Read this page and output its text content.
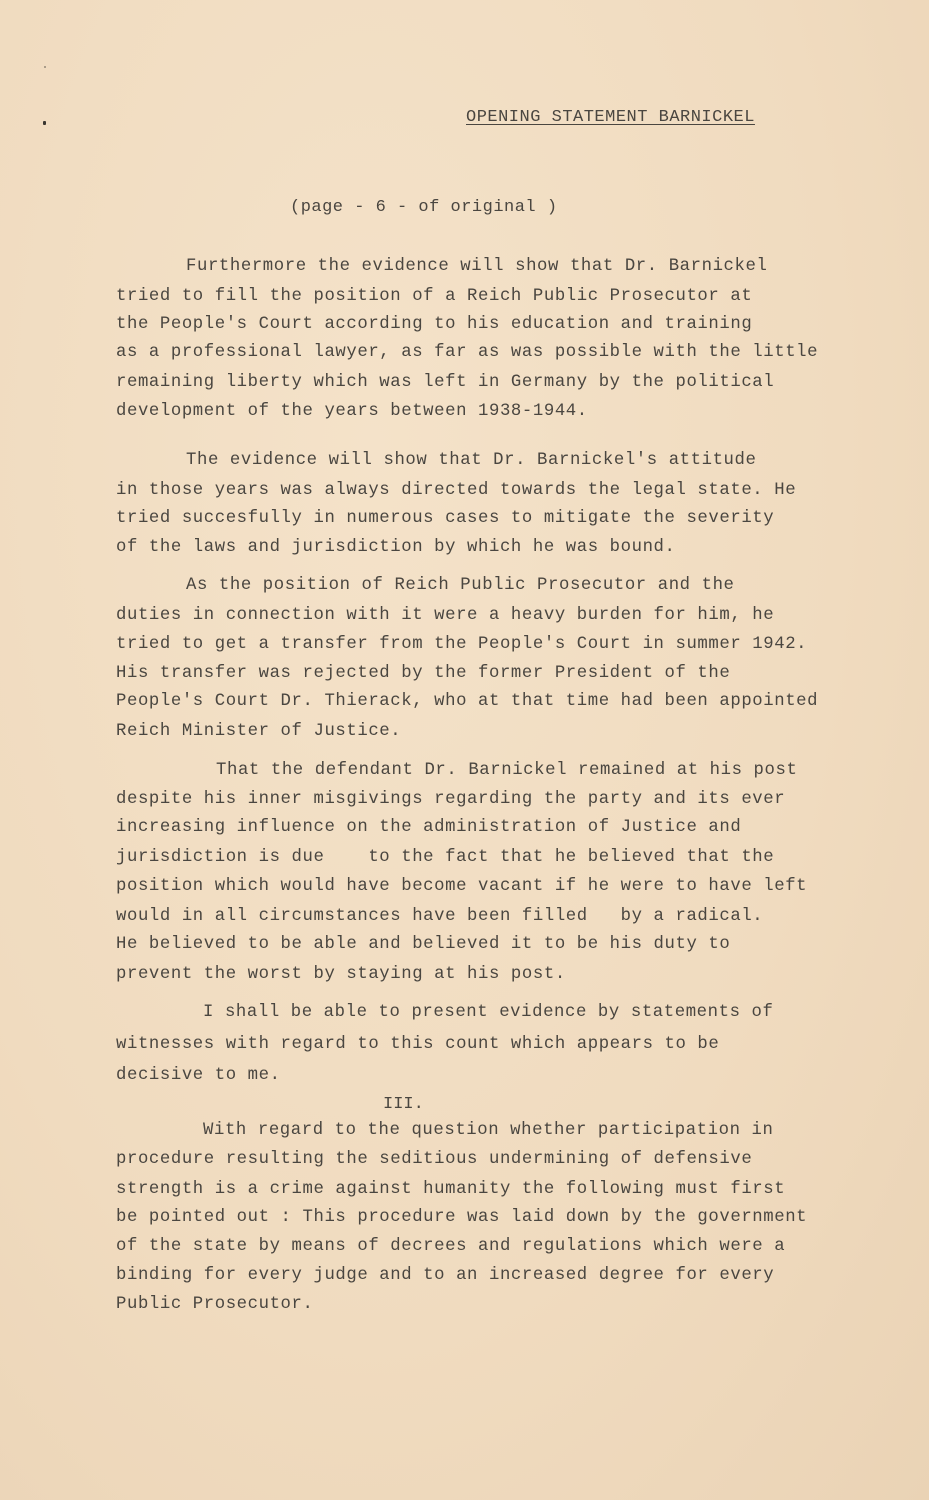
OPENING STATEMENT BARNICKEL
(page - 6 - of original )
Furthermore the evidence will show that Dr. Barnickel
tried to fill the position of a Reich Public Prosecutor at
the People's Court according to his education and training
as a professional lawyer, as far as was possible with the little
remaining liberty which was left in Germany by the political
development of the years between 1938-1944.
The evidence will show that Dr. Barnickel's attitude
in those years was always directed towards the legal state. He
tried succesfully in numerous cases to mitigate the severity
of the laws and jurisdiction by which he was bound.
As the position of Reich Public Prosecutor and the
duties in connection with it were a heavy burden for him, he
tried to get a transfer from the People's Court in summer 1942.
His transfer was rejected by the former President of the
People's Court Dr. Thierack, who at that time had been appointed
Reich Minister of Justice.
That the defendant Dr. Barnickel remained at his post
despite his inner misgivings regarding the party and its ever
increasing influence on the administration of Justice and
jurisdiction is due    to the fact that he believed that the
position which would have become vacant if he were to have left
would in all circumstances have been filled   by a radical.
He believed to be able and believed it to be his duty to
prevent the worst by staying at his post.
I shall be able to present evidence by statements of
witnesses with regard to this count which appears to be
decisive to me.
III.
With regard to the question whether participation in
procedure resulting the seditious undermining of defensive
strength is a crime against humanity the following must first
be pointed out : This procedure was laid down by the government
of the state by means of decrees and regulations which were a
binding for every judge and to an increased degree for every
Public Prosecutor.
